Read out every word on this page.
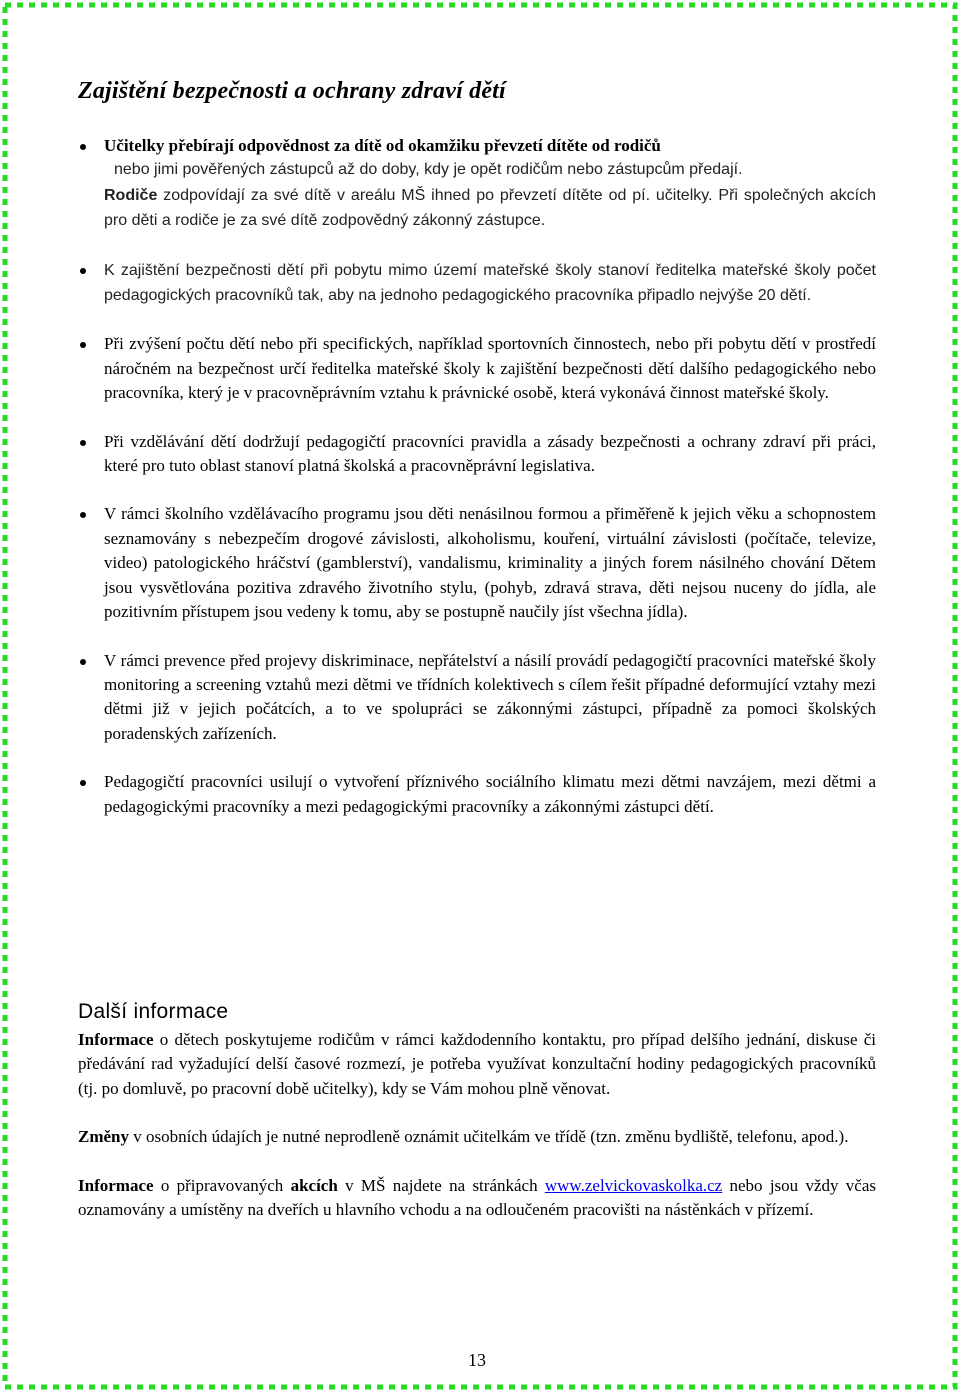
Zajištění bezpečnosti a ochrany zdraví dětí
Učitelky přebírají odpovědnost za dítě od okamžiku převzetí dítěte od rodičů
nebo jimi pověřených zástupců až do doby, kdy je opět rodičům nebo zástupcům předají.
Rodiče zodpovídají za své dítě v areálu MŠ ihned po převzetí dítěte od pí. učitelky. Při společných akcích pro děti a rodiče je za své dítě zodpovědný zákonný zástupce.
K zajištění bezpečnosti dětí při pobytu mimo území mateřské školy stanoví ředitelka mateřské školy počet pedagogických pracovníků tak, aby na jednoho pedagogického pracovníka připadlo nejvýše 20 dětí.
Při zvýšení počtu dětí nebo při specifických, například sportovních činnostech, nebo při pobytu dětí v prostředí náročném na bezpečnost určí ředitelka mateřské školy k zajištění bezpečnosti dětí dalšího pedagogického nebo pracovníka, který je v pracovněprávním vztahu k právnické osobě, která vykonává činnost mateřské školy.
Při vzdělávání dětí dodržují pedagogičtí pracovníci pravidla a zásady bezpečnosti a ochrany zdraví při práci, které pro tuto oblast stanoví platná školská a pracovněprávní legislativa.
V rámci školního vzdělávacího programu jsou děti nenásilnou formou a přiměřeně k jejich věku a schopnostem seznamovány s nebezpečím drogové závislosti, alkoholismu, kouření, virtuální závislosti (počítače, televize, video) patologického hráčství (gamblerství), vandalismu, kriminality a jiných forem násilného chování Dětem jsou vysvětlována pozitiva zdravého životního stylu, (pohyb, zdravá strava, děti nejsou nuceny do jídla, ale pozitivním přístupem jsou vedeny k tomu, aby se postupně naučily jíst všechna jídla).
V rámci prevence před projevy diskriminace, nepřátelství a násilí provádí pedagogičtí pracovníci mateřské školy monitoring a screening vztahů mezi dětmi ve třídních kolektivech s cílem řešit případné deformující vztahy mezi dětmi již v jejich počátcích, a to ve spolupráci se zákonnými zástupci, případně za pomoci školských poradenských zařízeních.
Pedagogičtí pracovníci usilují o vytvoření příznivého sociálního klimatu mezi dětmi navzájem, mezi dětmi a pedagogickými pracovníky a mezi pedagogickými pracovníky a zákonnými zástupci dětí.
Další informace

Informace o dětech poskytujeme rodičům v rámci každodenního kontaktu, pro případ delšího jednání, diskuse či předávání rad vyžadující delší časové rozmezí, je potřeba využívat konzultační hodiny pedagogických pracovníků (tj. po domluvě, po pracovní době učitelky), kdy se Vám mohou plně věnovat.

Změny v osobních údajích je nutné neprodleně oznámit učitelkám ve třídě (tzn. změnu bydliště, telefonu, apod.).

Informace o připravovaných akcích v MŠ najdete na stránkách www.zelvickovaskolka.cz nebo jsou vždy včas oznamovány a umístěny na dveřích u hlavního vchodu a na odloučeném pracovišti na nástěnkách v přízemí.

13
